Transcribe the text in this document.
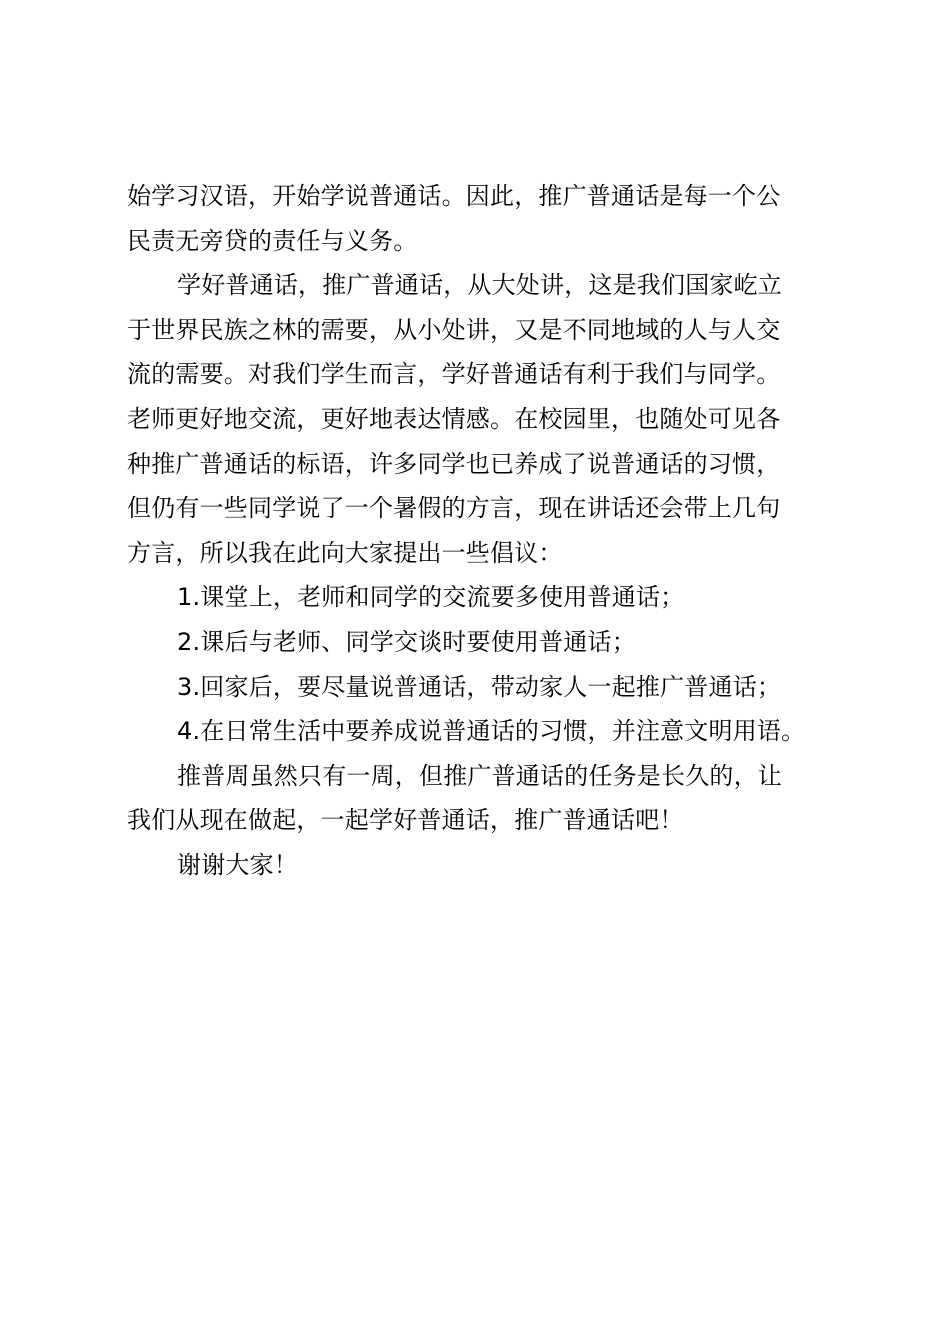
始学习汉语，开始学说普通话。因此，推广普通话是每一个公
民责无旁贷的责任与义务。
学好普通话，推广普通话，从大处讲，这是我们国家屹立
于世界民族之林的需要，从小处讲，又是不同地域的人与人交
流的需要。对我们学生而言，学好普通话有利于我们与同学。
老师更好地交流，更好地表达情感。在校园里，也随处可见各
种推广普通话的标语，许多同学也已养成了说普通话的习惯，
但仍有一些同学说了一个暑假的方言，现在讲话还会带上几句
方言，所以我在此向大家提出一些倡议：
1.课堂上，老师和同学的交流要多使用普通话；
2.课后与老师、同学交谈时要使用普通话；
3.回家后，要尽量说普通话，带动家人一起推广普通话；
4.在日常生活中要养成说普通话的习惯，并注意文明用语。
推普周虽然只有一周，但推广普通话的任务是长久的，让
我们从现在做起，一起学好普通话，推广普通话吧！
谢谢大家！
